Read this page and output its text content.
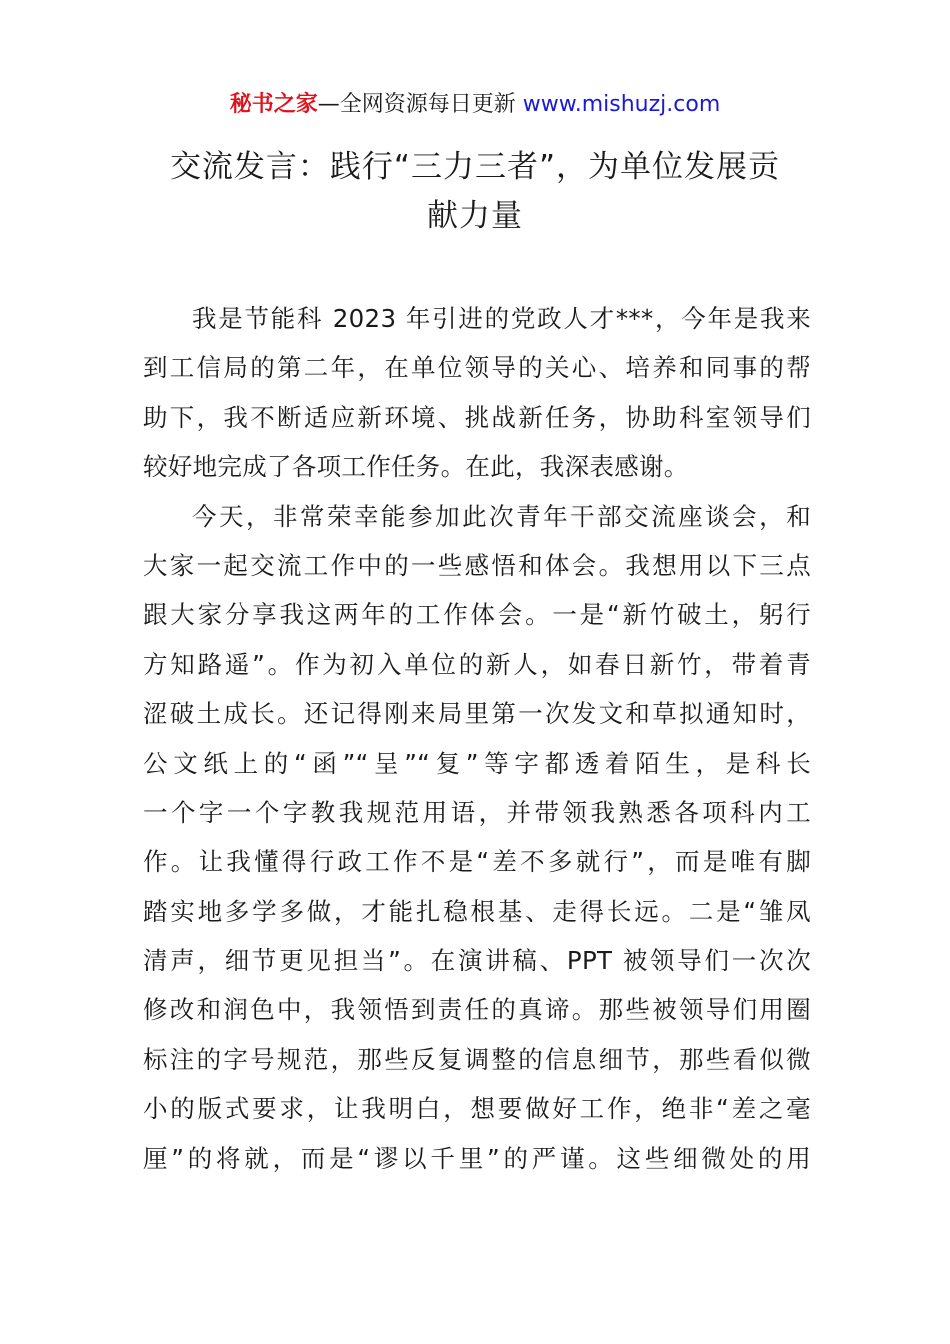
秘书之家—全网资源每日更新 www.mishuzj.com
交流发言：践行“三力三者”，为单位发展贡
献力量
我是节能科 2023 年引进的党政人才***，今年是我来
到工信局的第二年，在单位领导的关心、培养和同事的帮
助下，我不断适应新环境、挑战新任务，协助科室领导们
较好地完成了各项工作任务。在此，我深表感谢。
今天，非常荣幸能参加此次青年干部交流座谈会，和
大家一起交流工作中的一些感悟和体会。我想用以下三点
跟大家分享我这两年的工作体会。一是“新竹破土，躬行
方知路遥”。作为初入单位的新人，如春日新竹，带着青
涩破土成长。还记得刚来局里第一次发文和草拟通知时，
公文纸上的“函”“呈”“复”等字都透着陌生，是科长
一个字一个字教我规范用语，并带领我熟悉各项科内工
作。让我懂得行政工作不是“差不多就行”，而是唯有脚
踏实地多学多做，才能扎稳根基、走得长远。二是“雏凤
清声，细节更见担当”。在演讲稿、PPT 被领导们一次次
修改和润色中，我领悟到责任的真谛。那些被领导们用圈
标注的字号规范，那些反复调整的信息细节，那些看似微
小的版式要求，让我明白，想要做好工作，绝非“差之毫
厘”的将就，而是“谬以千里”的严谨。这些细微处的用
